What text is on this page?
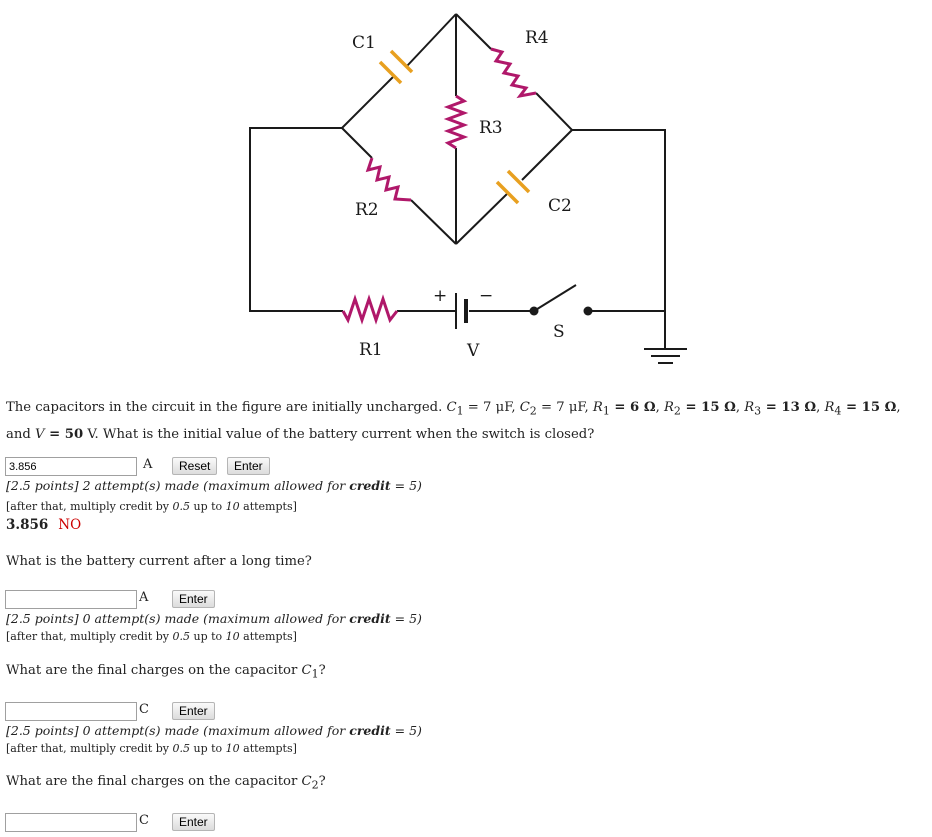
C1	R4
R3
R2	C2
R1	V
S
+ −
The capacitors in the circuit in the figure are initially uncharged. $C_1 = 7$ μF, $C_2 = 7$ μF, $R_1 = 6$ Ω, $R_2 = 15$ Ω, $R_3 = 13$ Ω, $R_4 = 15$ Ω, and V = 50 V. What is the initial value of the battery current when the switch is closed?
3.856
A	Reset	Enter
[2.5 points] 2 attempt(s) made (maximum allowed for credit = 5)
[after that, multiply credit by 0.5 up to 10 attempts]
3.856 NO
What is the battery current after a long time?
A	Enter
[2.5 points] 0 attempt(s) made (maximum allowed for credit = 5)
[after that, multiply credit by 0.5 up to 10 attempts]
What are the final charges on the capacitor $C_1$?
C	Enter
[2.5 points] 0 attempt(s) made (maximum allowed for credit = 5)
[after that, multiply credit by 0.5 up to 10 attempts]
What are the final charges on the capacitor $C_2$?
C	Enter
